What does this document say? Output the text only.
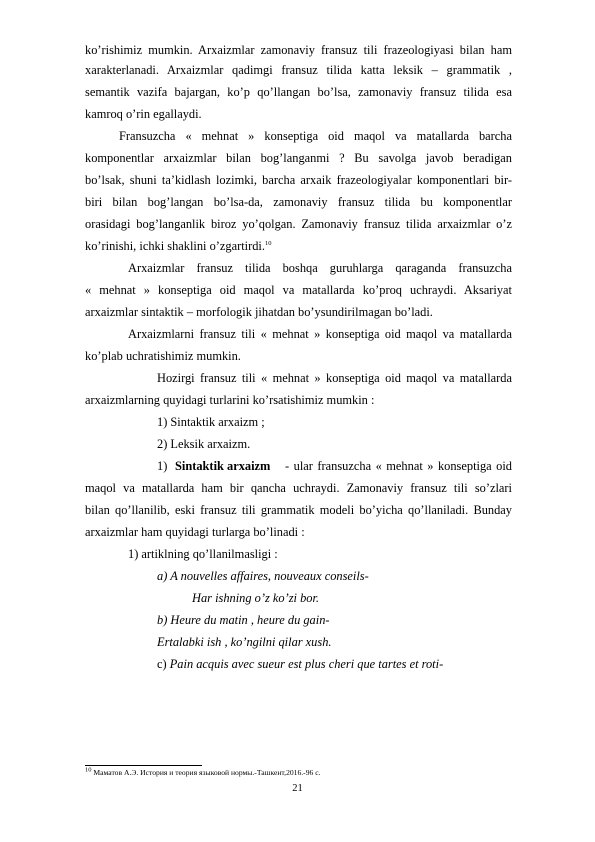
ko’rishimiz mumkin. Arxaizmlar zamonaviy fransuz tili frazeologiyasi bilan ham
xarakterlanadi. Arxaizmlar qadimgi fransuz tilida katta leksik – grammatik ,
semantik vazifa bajargan, ko’p qo’llangan bo’lsa, zamonaviy fransuz tilida esa
kamroq o’rin egallaydi.
Fransuzcha « mehnat » konseptiga oid maqol va matallarda barcha
komponentlar arxaizmlar bilan bog’langanmi ? Bu savolga javob beradigan
bo’lsak, shuni ta’kidlash lozimki, barcha arxaik frazeologiyalar komponentlari bir-
biri bilan bog’langan bo’lsa-da, zamonaviy fransuz tilida bu komponentlar
orasidagi bog’langanlik biroz yo’qolgan. Zamonaviy fransuz tilida arxaizmlar o’z
ko’rinishi, ichki shaklini o’zgartirdi.$^{10}$
Arxaizmlar fransuz tilida boshqa guruhlarga qaraganda fransuzcha
« mehnat » konseptiga oid maqol va matallarda ko’proq uchraydi. Aksariyat
arxaizmlar sintaktik – morfologik jihatdan bo’ysundirilmagan bo’ladi.
Arxaizmlarni fransuz tili « mehnat » konseptiga oid maqol va matallarda
ko’plab uchratishimiz mumkin.
Hozirgi fransuz tili « mehnat » konseptiga oid maqol va matallarda
arxaizmlarning quyidagi turlarini ko’rsatishimiz mumkin :
1) Sintaktik arxaizm ;
2) Leksik arxaizm.
1) Sintaktik arxaizm - ular fransuzcha « mehnat » konseptiga oid
maqol va matallarda ham bir qancha uchraydi. Zamonaviy fransuz tili so’zlari
bilan qo’llanilib, eski fransuz tili grammatik modeli bo’yicha qo’llaniladi. Bunday
arxaizmlar ham quyidagi turlarga bo’linadi :
1) artiklning qo’llanilmasligi :
a) A nouvelles affaires, nouveaux conseils-
Har ishning o’z ko’zi bor.
b) Heure du matin , heure du gain-
Ertalabki ish , ko’ngilni qilar xush.
c) Pain acquis avec sueur est plus cheri que tartes et roti-
10 Маматов А.Э. История и теория языковой нормы.-Ташкент,2016.-96 с.
21
